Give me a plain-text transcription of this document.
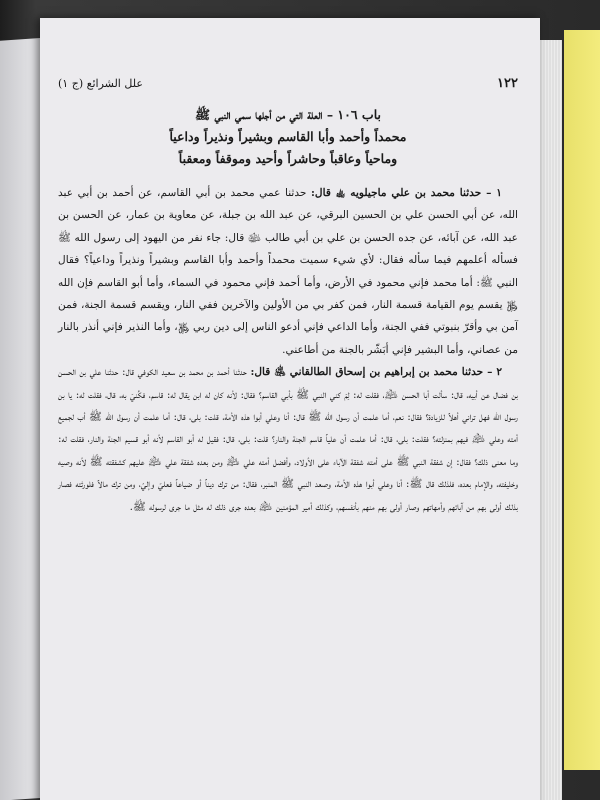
١٢٢
علل الشرائع (ج ١)
باب ١٠٦ – العلة التي من أجلها سمي النبي ﷺ
محمداً وأحمد وأبا القاسم وبشيراً ونذيراً وداعياً
وماحياً وعاقباً وحاشراً وأحيد وموقفاً ومعقباً

١ – حدثنا محمد بن علي ماجيلويه ﵀ قال: حدثنا عمي محمد بن أبي القاسم، عن أحمد بن أبي عبد الله، عن أبي الحسن علي بن الحسين البرقي، عن عبد الله بن جبلة، عن معاوية بن عمار، عن الحسن بن عبد الله، عن آبائه، عن جده الحسن بن علي بن أبي طالب ﵉ قال: جاء نفر من اليهود إلى رسول الله ﷺ فسأله أعلمهم فيما سأله فقال: لأي شيء سميت محمداً وأحمد وأبا القاسم وبشيراً ونذيراً وداعياً؟ فقال النبي ﷺ: أما محمد فإني محمود في الأرض، وأما أحمد فإني محمود في السماء، وأما أبو القاسم فإن الله ﷿ يقسم يوم القيامة قسمة النار، فمن كفر بي من الأولين والآخرين ففي النار، ويقسم قسمة الجنة، فمن آمن بي وأقرّ بنبوتي ففي الجنة، وأما الداعي فإني أدعو الناس إلى دين ربي ﷿، وأما النذير فإني أنذر بالنار من عصاني، وأما البشير فإني أبَشّر بالجنة من أطاعني.

٢ – حدثنا محمد بن إبراهيم بن إسحاق الطالقاني ﵁ قال: حدثنا أحمد بن محمد بن سعيد الكوفي قال: حدثنا علي بن الحسن بن فضال عن أبيه، قال: سألت أبا الحسن ﵇، فقلت له: لِمَ كني النبي ﷺ بأبي القاسم؟ فقال: لأنه كان له ابن يقال له: قاسم، فكُنيَ به، قال، فقلت له: يا بن رسول الله فهل تراني أهلاً للزيادة؟ فقال: نعم، أما علمت أن رسول الله ﷺ قال: أنا وعلي أبوا هذه الأمة، قلت: بلى، قال: أما علمت أن رسول الله ﷺ أب لجميع أمته وعلي ﵇ فيهم بمنزلته؟ فقلت: بلى، قال: أما علمت أن علياً قاسم الجنة والنار؟ قلت: بلى، قال: فقيل له أبو القاسم لأنه أبو قسيم الجنة والنار، فقلت له: وما معنى ذلك؟ فقال: إن شفقة النبي ﷺ على أمته شفقة الآباء على الأولاد، وأفضل أمته علي ﵇ ومن بعده شفقة علي ﵇ عليهم كشفقته ﷺ لأنه وصيه وخليفته، والإمام بعده، فلذلك قال ﷺ: أنا وعلي أبوا هذه الأمة، وصعد النبي ﷺ المنبر، فقال: من ترك ديناً أو ضياعاً فعليّ وإليّ، ومن ترك مالاً فلورثته فصار بذلك أولى بهم من آبائهم وأمهاتهم وصار أولى بهم منهم بأنفسهم، وكذلك أمير المؤمنين ﵇ بعده جرى ذلك له مثل ما جرى لرسوله ﷺ.
